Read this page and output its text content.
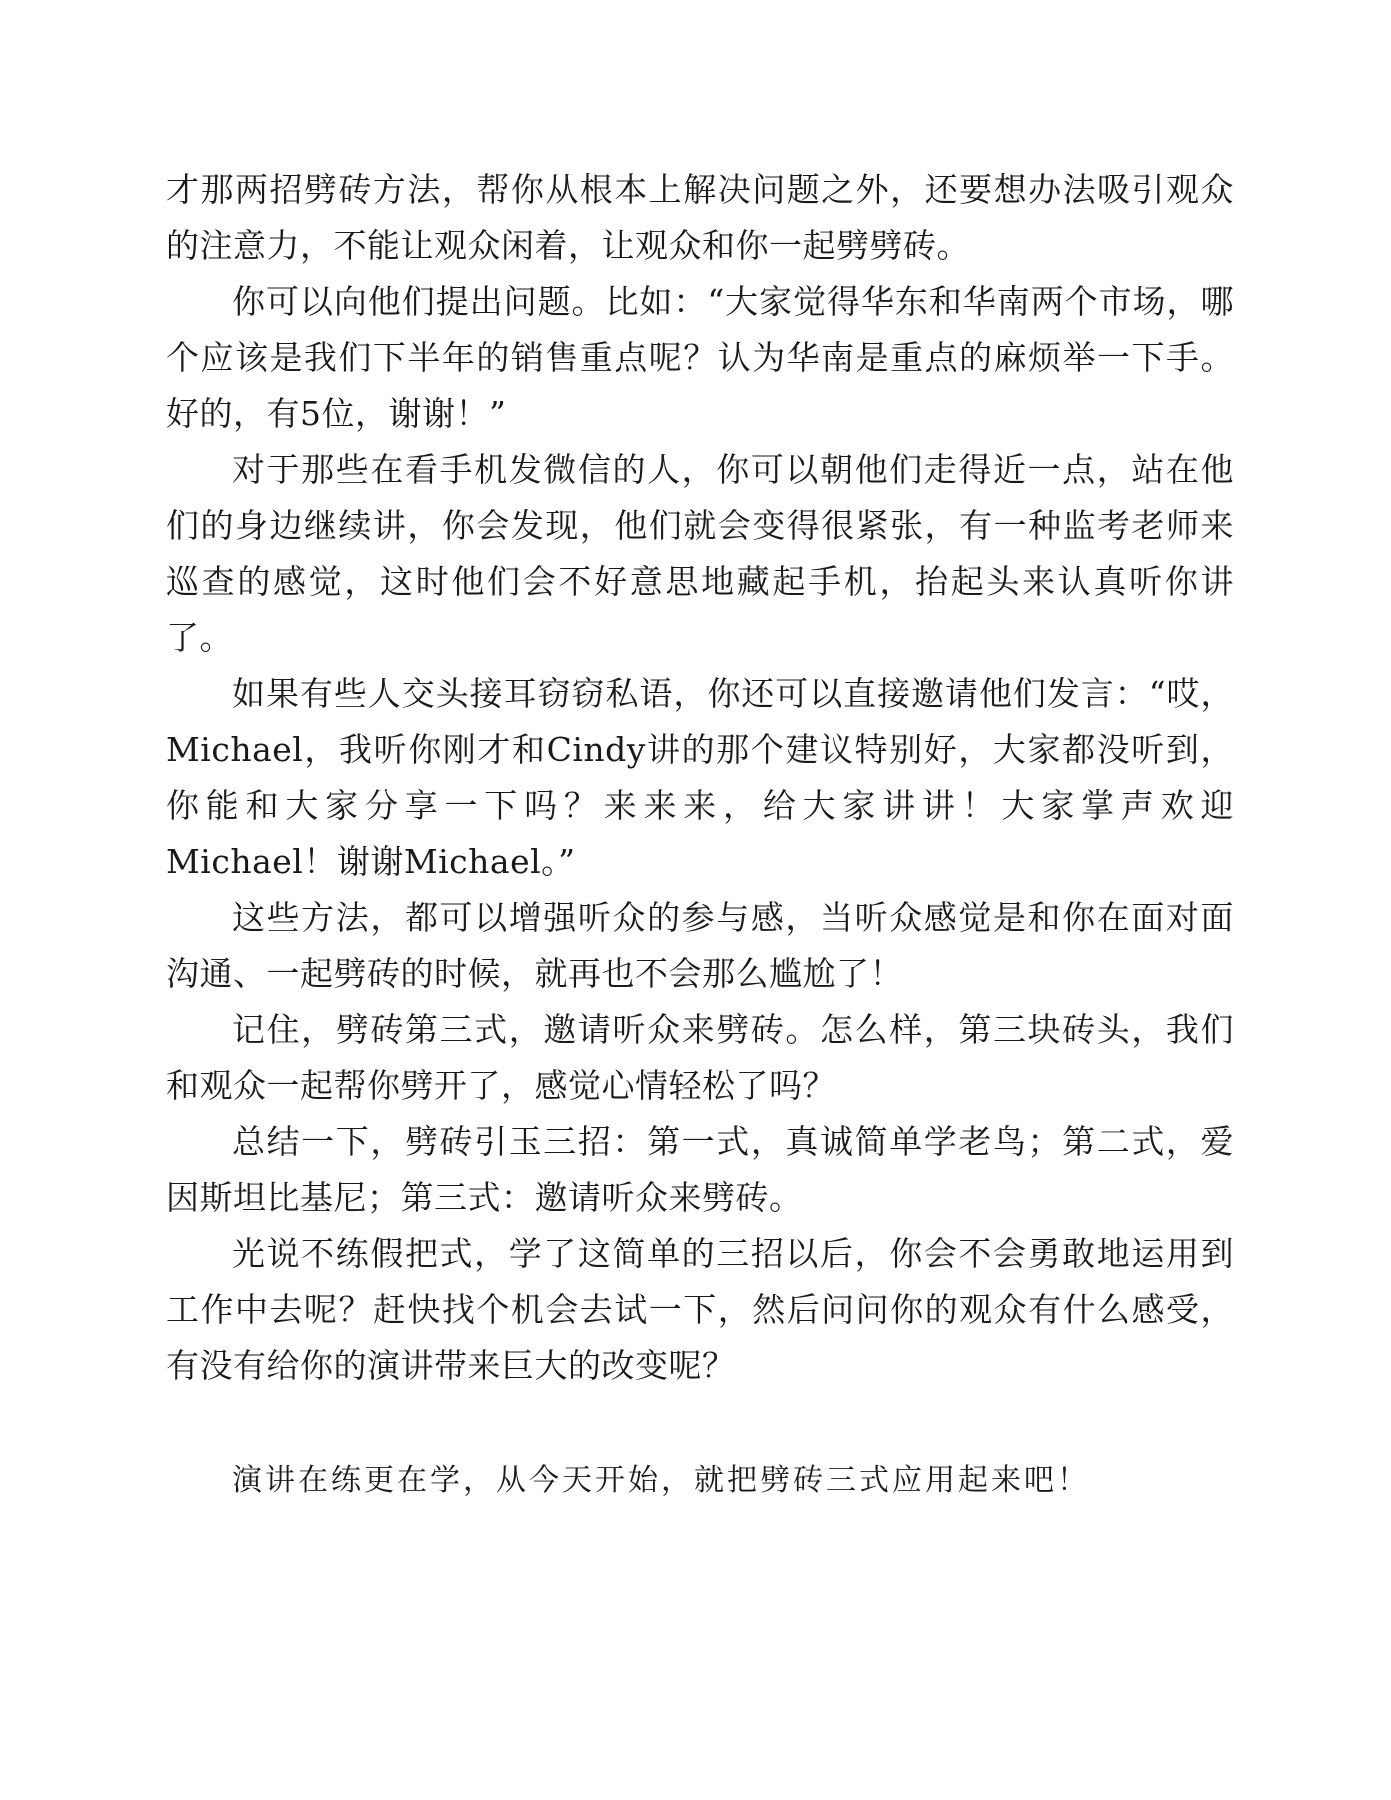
才那两招劈砖方法，帮你从根本上解决问题之外，还要想办法吸引观众的注意力，不能让观众闲着，让观众和你一起劈劈砖。

你可以向他们提出问题。比如：“大家觉得华东和华南两个市场，哪个应该是我们下半年的销售重点呢？认为华南是重点的麻烦举一下手。好的，有5位，谢谢！”

对于那些在看手机发微信的人，你可以朝他们走得近一点，站在他们的身边继续讲，你会发现，他们就会变得很紧张，有一种监考老师来巡查的感觉，这时他们会不好意思地藏起手机，抬起头来认真听你讲了。

如果有些人交头接耳窃窃私语，你还可以直接邀请他们发言：“哎，Michael，我听你刚才和Cindy讲的那个建议特别好，大家都没听到，你能和大家分享一下吗？来来来，给大家讲讲！大家掌声欢迎Michael！谢谢Michael。”

这些方法，都可以增强听众的参与感，当听众感觉是和你在面对面沟通、一起劈砖的时候，就再也不会那么尴尬了！

记住，劈砖第三式，邀请听众来劈砖。怎么样，第三块砖头，我们和观众一起帮你劈开了，感觉心情轻松了吗？

总结一下，劈砖引玉三招：第一式，真诚简单学老鸟；第二式，爱因斯坦比基尼；第三式：邀请听众来劈砖。

光说不练假把式，学了这简单的三招以后，你会不会勇敢地运用到工作中去呢？赶快找个机会去试一下，然后问问你的观众有什么感受，有没有给你的演讲带来巨大的改变呢？

演讲在练更在学，从今天开始，就把劈砖三式应用起来吧！
